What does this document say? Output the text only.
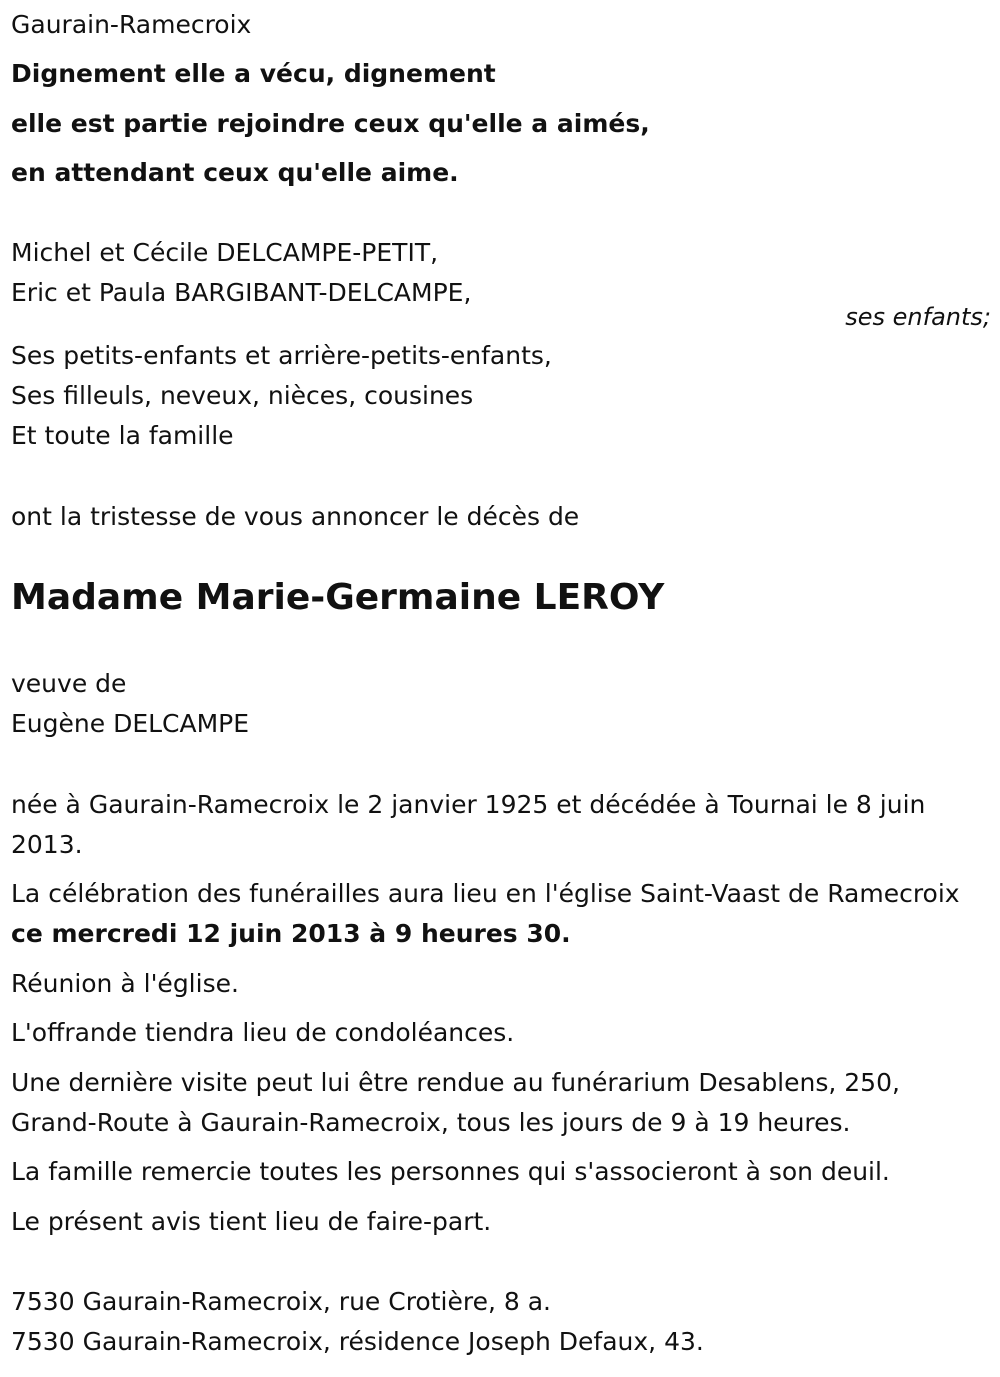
Gaurain-Ramecroix
Dignement elle a vécu, dignement
elle est partie rejoindre ceux qu'elle a aimés,
en attendant ceux qu'elle aime.
Michel et Cécile DELCAMPE-PETIT,
Eric et Paula BARGIBANT-DELCAMPE,
ses enfants;
Ses petits-enfants et arrière-petits-enfants,
Ses filleuls, neveux, nièces, cousines
Et toute la famille
ont la tristesse de vous annoncer le décès de
Madame Marie-Germaine LEROY
veuve de
Eugène DELCAMPE
née à Gaurain-Ramecroix le 2 janvier 1925 et décédée à Tournai le 8 juin 2013.
La célébration des funérailles aura lieu en l'église Saint-Vaast de Ramecroix ce mercredi 12 juin 2013 à 9 heures 30.
Réunion à l'église.
L'offrande tiendra lieu de condoléances.
Une dernière visite peut lui être rendue au funérarium Desablens, 250, Grand-Route à Gaurain-Ramecroix, tous les jours de 9 à 19 heures.
La famille remercie toutes les personnes qui s'associeront à son deuil.
Le présent avis tient lieu de faire-part.
7530 Gaurain-Ramecroix, rue Crotière, 8 a.
7530 Gaurain-Ramecroix, résidence Joseph Defaux, 43.
